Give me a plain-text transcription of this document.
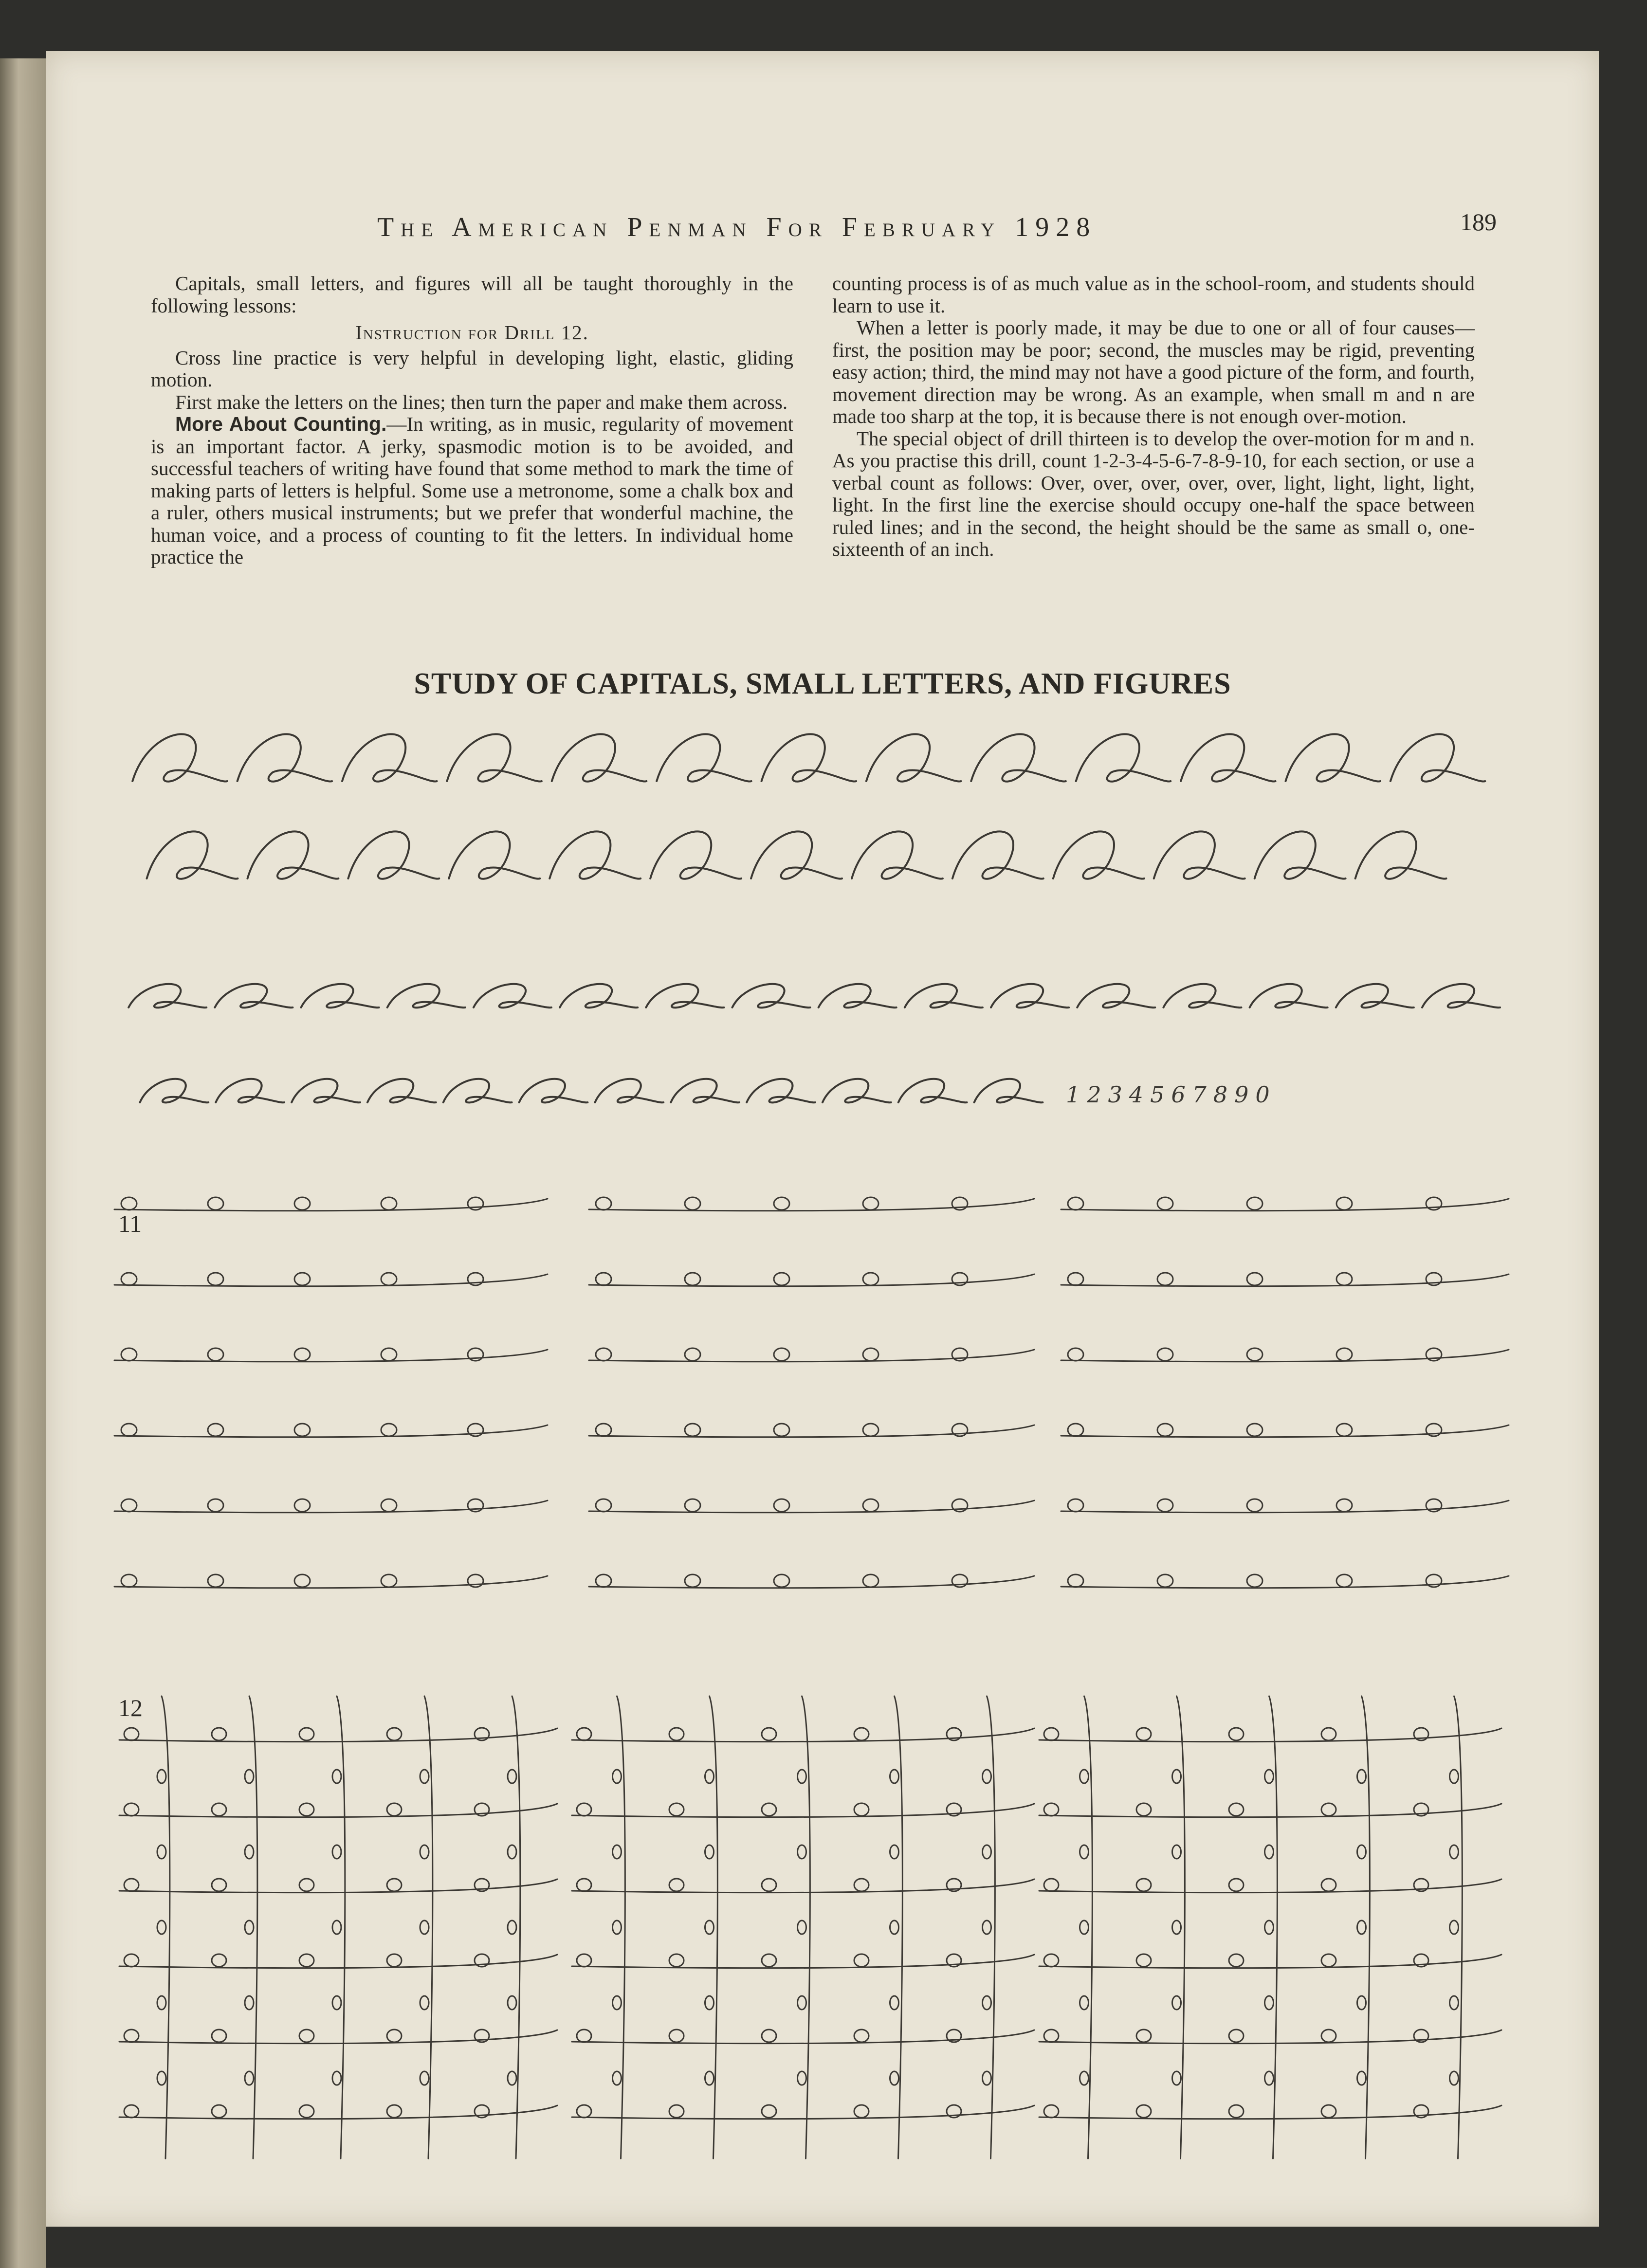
The American Penman For February 1928	189

Capitals, small letters, and figures will all be taught thoroughly in the following lessons:

Instruction for Drill 12.

Cross line practice is very helpful in developing light, elastic, gliding motion.

First make the letters on the lines; then turn the paper and make them across.

More About Counting.—In writing, as in music, regularity of movement is an important factor. A jerky, spasmodic motion is to be avoided, and successful teachers of writing have found that some method to mark the time of making parts of letters is helpful. Some use a metronome, some a chalk box and a ruler, others musical instruments; but we prefer that wonderful machine, the human voice, and a process of counting to fit the letters. In individual home practice the

counting process is of as much value as in the school-room, and students should learn to use it.

When a letter is poorly made, it may be due to one or all of four causes—first, the position may be poor; second, the muscles may be rigid, preventing easy action; third, the mind may not have a good picture of the form, and fourth, movement direction may be wrong. As an example, when small m and n are made too sharp at the top, it is because there is not enough over-motion.

The special object of drill thirteen is to develop the over-motion for m and n. As you practise this drill, count 1-2-3-4-5-6-7-8-9-10, for each section, or use a verbal count as follows: Over, over, over, over, over, light, light, light, light, light. In the first line the exercise should occupy one-half the space between ruled lines; and in the second, the height should be the same as small o, one-sixteenth of an inch.

STUDY OF CAPITALS, SMALL LETTERS, AND FIGURES
11
12
1234567890
